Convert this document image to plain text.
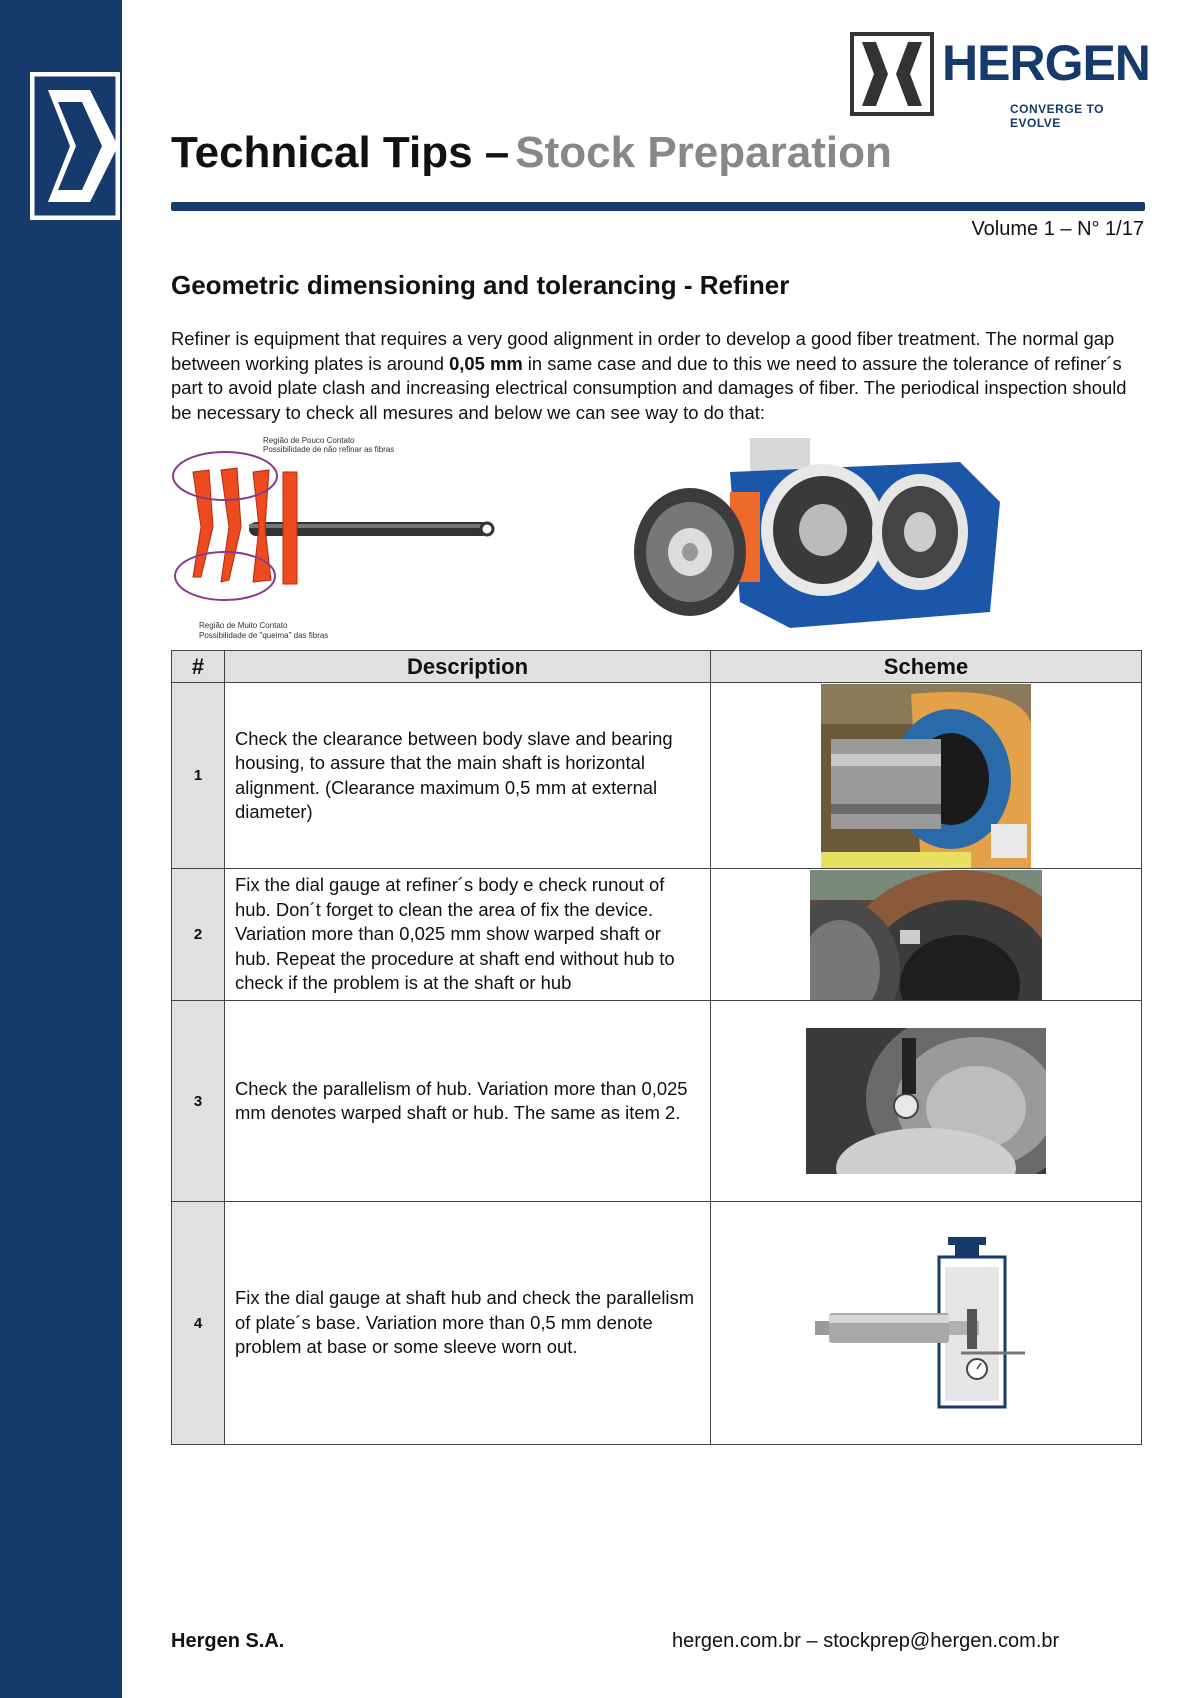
HERGEN
CONVERGE TO EVOLVE
Technical Tips – Stock Preparation
Volume 1 – N° 1/17
Geometric dimensioning and tolerancing - Refiner
Refiner is equipment that requires a very good alignment in order to develop a good fiber treatment. The normal gap between working plates is around 0,05 mm in same case and due to this we need to assure the tolerance of refiner´s part to avoid plate clash and increasing electrical consumption and damages of fiber. The periodical inspection should be necessary to check all mesures and below we can see way to do that:
Região de Pouco Contato
Possibilidade de não refinar as fibras
Região de Muito Contato
Possibilidade de "queima" das fibras
#	Description	Scheme
1	Check the clearance between body slave and bearing housing, to assure that the main shaft is horizontal alignment. (Clearance maximum 0,5 mm at external diameter)	

2	Fix the dial gauge at refiner´s body e check runout of hub. Don´t forget to clean the area of fix the device. Variation more than 0,025 mm show warped shaft or hub. Repeat the procedure at shaft end without hub to check if the problem is at the shaft or hub	

3	Check the parallelism of hub. Variation more than 0,025 mm denotes warped shaft or hub. The same as item 2.	

4	Fix the dial gauge at shaft hub and check the parallelism of plate´s base. Variation more than 0,5 mm denote problem at base or some sleeve worn out.	
Hergen S.A.	hergen.com.br – stockprep@hergen.com.br
